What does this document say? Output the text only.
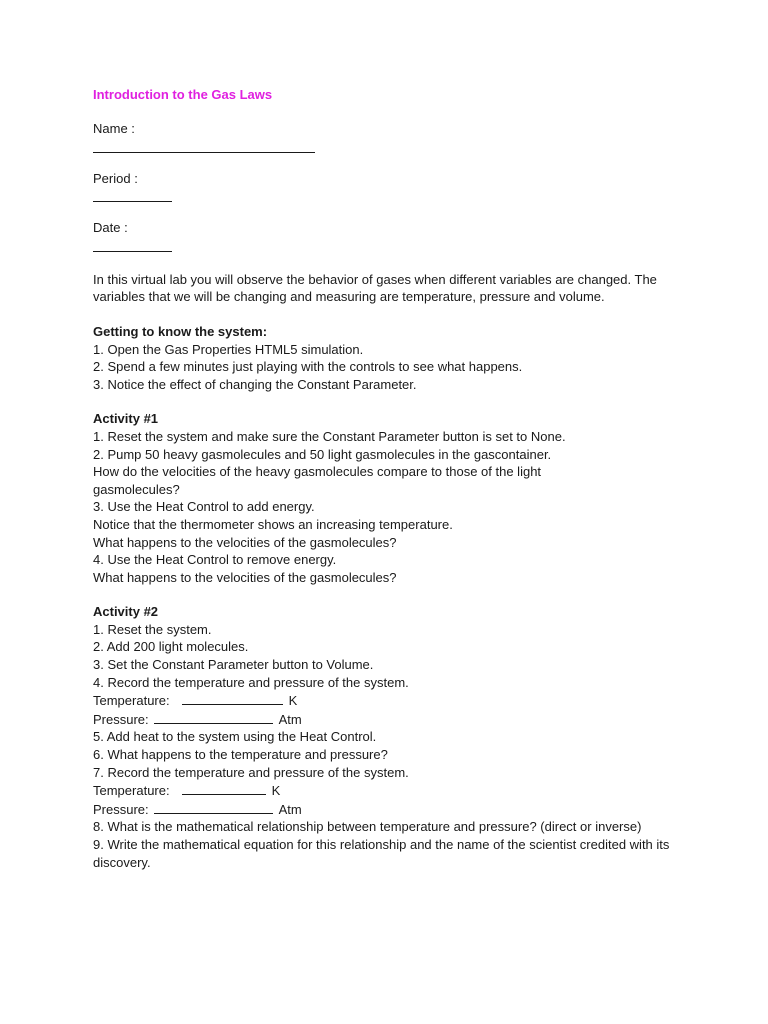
Introduction to the Gas Laws
Name :
Period :
Date :
In this virtual lab you will observe the behavior of gases when different variables are changed. The variables that we will be changing and measuring are temperature, pressure and volume.
Getting to know the system:
1. Open the Gas Properties HTML5 simulation.
2. Spend a few minutes just playing with the controls to see what happens.
3. Notice the effect of changing the Constant Parameter.
Activity #1
1. Reset the system and make sure the Constant Parameter button is set to None.
2. Pump 50 heavy gasmolecules and 50 light gasmolecules in the gascontainer.
How do the velocities of the heavy gasmolecules compare to those of the light gasmolecules?
3. Use the Heat Control to add energy.
Notice that the thermometer shows an increasing temperature.
What happens to the velocities of the gasmolecules?
4. Use the Heat Control to remove energy.
What happens to the velocities of the gasmolecules?
Activity #2
1. Reset the system.
2. Add 200 light molecules.
3. Set the Constant Parameter button to Volume.
4. Record the temperature and pressure of the system.
Temperature:	K
Pressure:	Atm
5. Add heat to the system using the Heat Control.
6. What happens to the temperature and pressure?
7. Record the temperature and pressure of the system.
Temperature:	K
Pressure:	Atm
8. What is the mathematical relationship between temperature and pressure? (direct or inverse)
9. Write the mathematical equation for this relationship and the name of the scientist credited with its discovery.
